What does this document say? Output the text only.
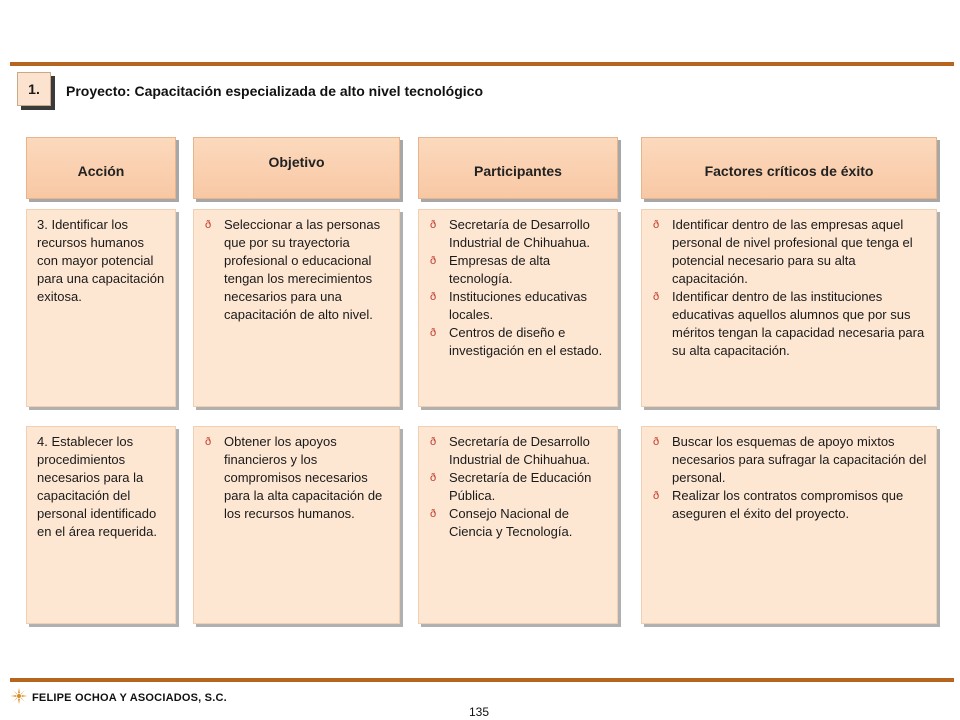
1.	Proyecto: Capacitación especializada de alto nivel tecnológico
Acción
Objetivo
Participantes	Factores críticos de éxito
3. Identificar los recursos humanos con mayor potencial para una capacitación exitosa.
ð Seleccionar a las personas que por su trayectoria profesional o educacional tengan los merecimientos necesarios para una capacitación de alto nivel.
ð Secretaría de Desarrollo Industrial de Chihuahua.
ð Empresas de alta tecnología.
ð Instituciones educativas locales.
ð Centros de diseño e investigación en el estado.
ð Identificar dentro de las empresas aquel personal de nivel profesional que tenga el potencial necesario para su alta capacitación.
ð Identificar dentro de las instituciones educativas aquellos alumnos que por sus méritos tengan la capacidad necesaria para su alta capacitación.
4. Establecer los procedimientos necesarios para la capacitación del personal identificado en el área requerida.
ð Obtener los apoyos financieros y los compromisos necesarios para la alta capacitación de los recursos humanos.
ð Secretaría de Desarrollo Industrial de Chihuahua.
ð Secretaría de Educación Pública.
ð Consejo Nacional de Ciencia y Tecnología.
ð Buscar los esquemas de apoyo mixtos necesarios para sufragar la capacitación del personal.
ð Realizar los contratos compromisos que aseguren el éxito del proyecto.
FELIPE OCHOA Y ASOCIADOS, S.C.
135
